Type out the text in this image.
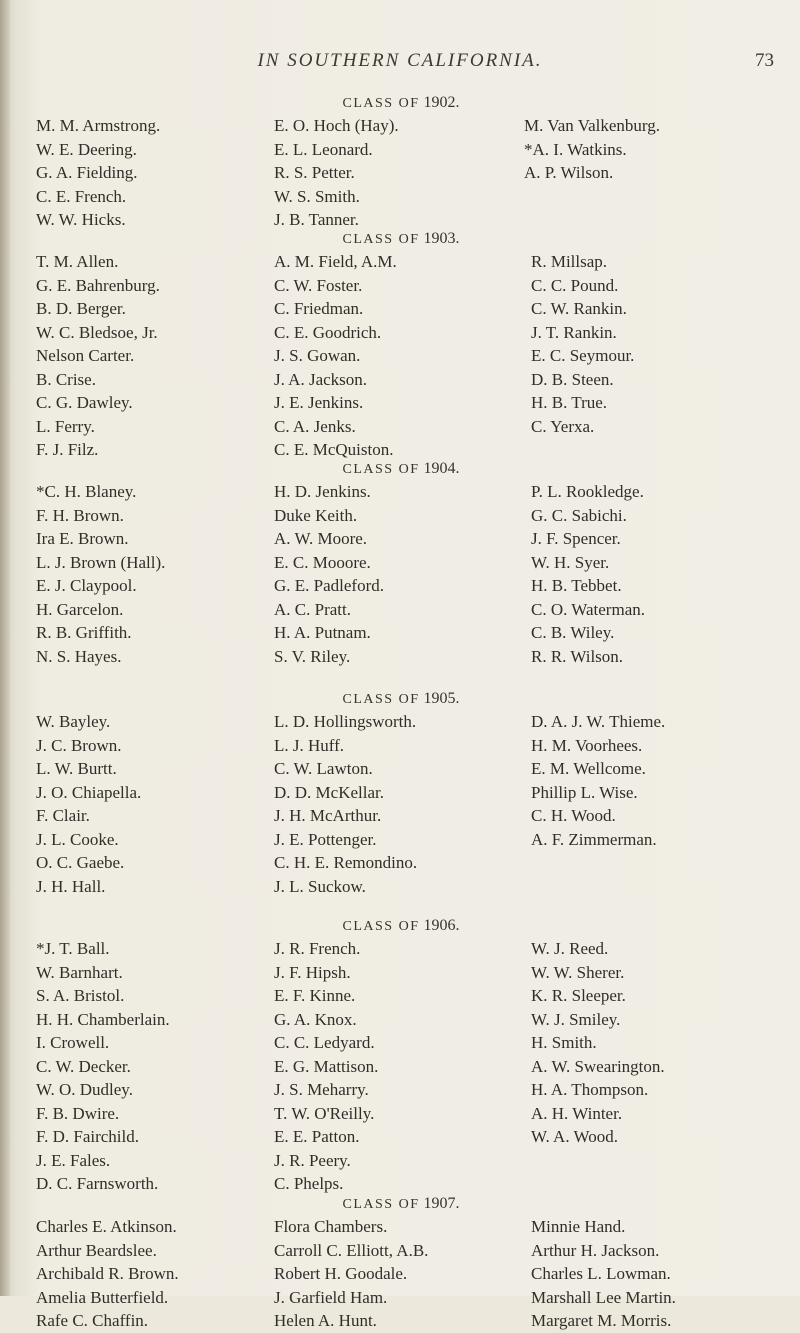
IN SOUTHERN CALIFORNIA.	73
CLASS OF 1902.
M. M. Armstrong.
W. E. Deering.
G. A. Fielding.
C. E. French.
W. W. Hicks.
E. O. Hoch (Hay).
E. L. Leonard.
R. S. Petter.
W. S. Smith.
J. B. Tanner.
M. Van Valkenburg.
*A. I. Watkins.
A. P. Wilson.
CLASS OF 1903.
T. M. Allen.
G. E. Bahrenburg.
B. D. Berger.
W. C. Bledsoe, Jr.
Nelson Carter.
B. Crise.
C. G. Dawley.
L. Ferry.
F. J. Filz.
A. M. Field, A.M.
C. W. Foster.
C. Friedman.
C. E. Goodrich.
J. S. Gowan.
J. A. Jackson.
J. E. Jenkins.
C. A. Jenks.
C. E. McQuiston.
R. Millsap.
C. C. Pound.
C. W. Rankin.
J. T. Rankin.
E. C. Seymour.
D. B. Steen.
H. B. True.
C. Yerxa.
CLASS OF 1904.
*C. H. Blaney.
F. H. Brown.
Ira E. Brown.
L. J. Brown (Hall).
E. J. Claypool.
H. Garcelon.
R. B. Griffith.
N. S. Hayes.
H. D. Jenkins.
Duke Keith.
A. W. Moore.
E. C. Mooore.
G. E. Padleford.
A. C. Pratt.
H. A. Putnam.
S. V. Riley.
P. L. Rookledge.
G. C. Sabichi.
J. F. Spencer.
W. H. Syer.
H. B. Tebbet.
C. O. Waterman.
C. B. Wiley.
R. R. Wilson.
CLASS OF 1905.
W. Bayley.
J. C. Brown.
L. W. Burtt.
J. O. Chiapella.
F. Clair.
J. L. Cooke.
O. C. Gaebe.
J. H. Hall.
L. D. Hollingsworth.
L. J. Huff.
C. W. Lawton.
D. D. McKellar.
J. H. McArthur.
J. E. Pottenger.
C. H. E. Remondino.
J. L. Suckow.
D. A. J. W. Thieme.
H. M. Voorhees.
E. M. Wellcome.
Phillip L. Wise.
C. H. Wood.
A. F. Zimmerman.
CLASS OF 1906.
*J. T. Ball.
W. Barnhart.
S. A. Bristol.
H. H. Chamberlain.
I. Crowell.
C. W. Decker.
W. O. Dudley.
F. B. Dwire.
F. D. Fairchild.
J. E. Fales.
D. C. Farnsworth.
J. R. French.
J. F. Hipsh.
E. F. Kinne.
G. A. Knox.
C. C. Ledyard.
E. G. Mattison.
J. S. Meharry.
T. W. O'Reilly.
E. E. Patton.
J. R. Peery.
C. Phelps.
W. J. Reed.
W. W. Sherer.
K. R. Sleeper.
W. J. Smiley.
H. Smith.
A. W. Swearington.
H. A. Thompson.
A. H. Winter.
W. A. Wood.
CLASS OF 1907.
Charles E. Atkinson.
Arthur Beardslee.
Archibald R. Brown.
Amelia Butterfield.
Rafe C. Chaffin.
Flora Chambers.
Carroll C. Elliott, A.B.
Robert H. Goodale.
J. Garfield Ham.
Helen A. Hunt.
Minnie Hand.
Arthur H. Jackson.
Charles L. Lowman.
Marshall Lee Martin.
Margaret M. Morris.
